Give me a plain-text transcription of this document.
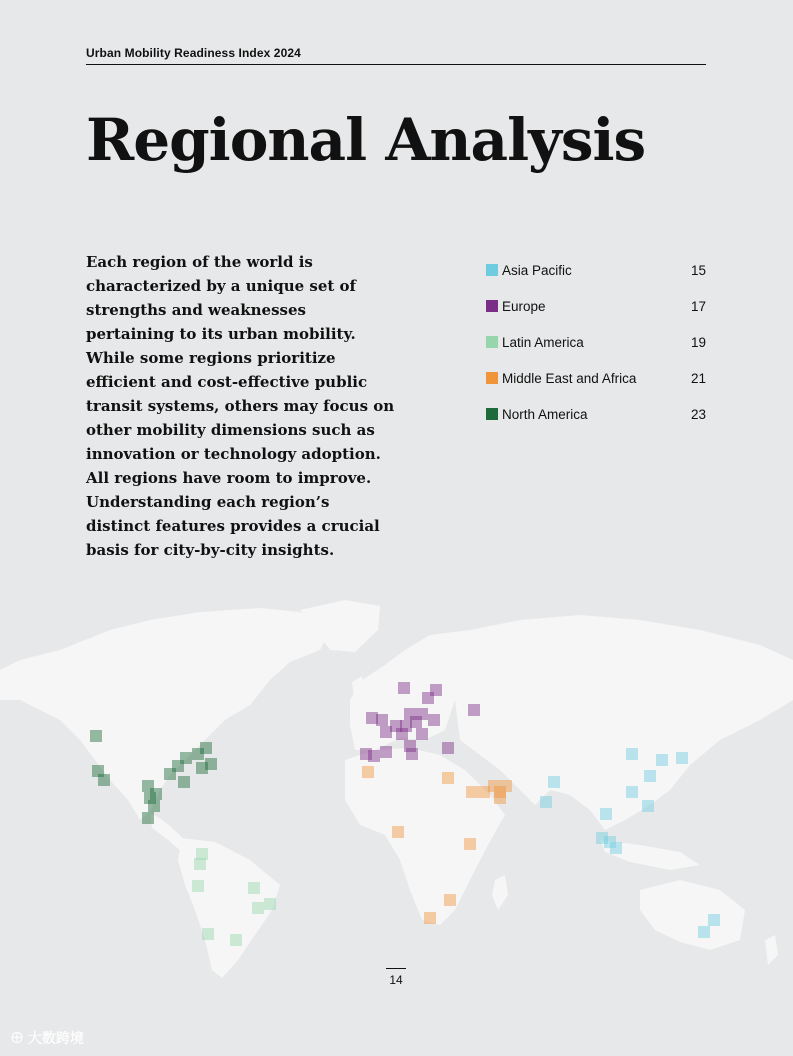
Urban Mobility Readiness Index 2024
Regional Analysis

Each region of the world is characterized by a unique set of strengths and weaknesses pertaining to its urban mobility. While some regions prioritize efficient and cost-effective public transit systems, others may focus on other mobility dimensions such as innovation or technology adoption. All regions have room to improve. Understanding each region’s distinct features provides a crucial basis for city-by-city insights.

Asia Pacific	15
Europe	17
Latin America	19
Middle East and Africa	21
North America	23
14
⊕ 大数跨境
